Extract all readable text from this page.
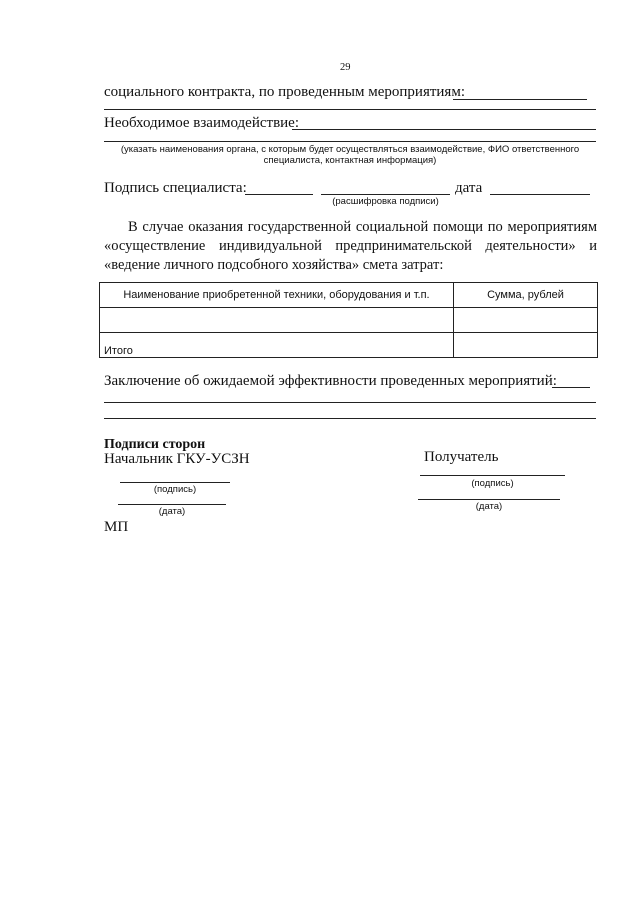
29
социального контракта, по проведенным мероприятиям:
Необходимое взаимодействие:
(указать наименования органа, с которым будет осуществляться взаимодействие, ФИО ответственного
специалиста, контактная информация)
Подпись специалиста:
(расшифровка подписи)
дата
В случае оказания государственной социальной помощи по мероприятиям «осуществление индивидуальной предпринимательской деятельности» и «ведение личного подсобного хозяйства» смета затрат:
Наименование приобретенной техники, оборудования и т.п.	Сумма, рублей

Итого	
Заключение об ожидаемой эффективности проведенных мероприятий:
Подписи сторон
Начальник ГКУ-УСЗН	Получатель
(подпись)
(дата)
(подпись)
(дата)
МП
